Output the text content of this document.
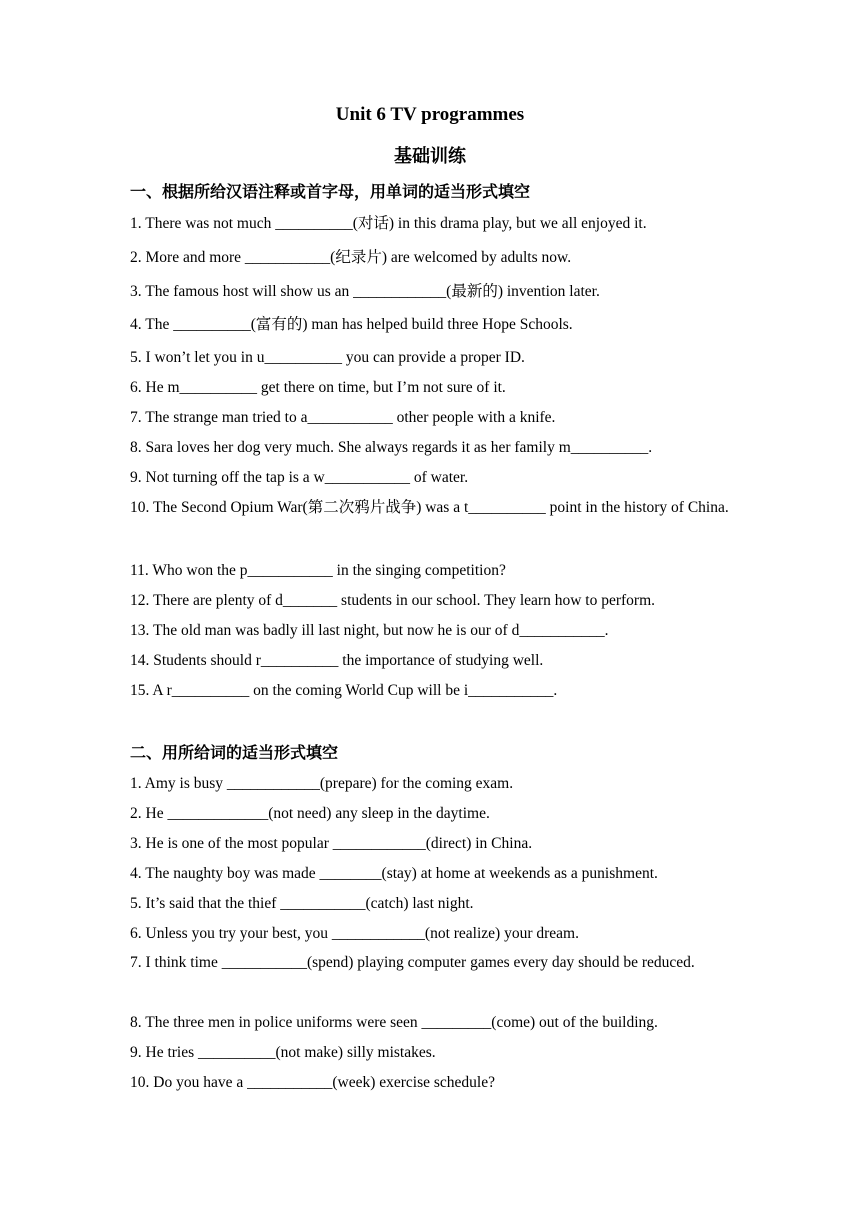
Unit 6 TV programmes
基础训练
一、根据所给汉语注释或首字母，用单词的适当形式填空
1. There was not much __________(对话) in this drama play, but we all enjoyed it.
2. More and more ___________(纪录片) are welcomed by adults now.
3. The famous host will show us an ____________(最新的) invention later.
4. The __________(富有的) man has helped build three Hope Schools.
5. I won’t let you in u__________ you can provide a proper ID.
6. He m__________ get there on time, but I’m not sure of it.
7. The strange man tried to a___________ other people with a knife.
8. Sara loves her dog very much. She always regards it as her family m__________.
9. Not turning off the tap is a w___________ of water.
10. The Second Opium War(第二次鸦片战争) was a t__________ point in the history of China.
11. Who won the p___________ in the singing competition?
12. There are plenty of d_______ students in our school. They learn how to perform.
13. The old man was badly ill last night, but now he is our of d___________.
14. Students should r__________ the importance of studying well.
15. A r__________ on the coming World Cup will be i___________.
二、用所给词的适当形式填空
1. Amy is busy ____________(prepare) for the coming exam.
2. He _____________(not need) any sleep in the daytime.
3. He is one of the most popular ____________(direct) in China.
4. The naughty boy was made ________(stay) at home at weekends as a punishment.
5. It’s said that the thief ___________(catch) last night.
6. Unless you try your best, you ____________(not realize) your dream.
7. I think time ___________(spend) playing computer games every day should be reduced.
8. The three men in police uniforms were seen _________(come) out of the building.
9. He tries __________(not make) silly mistakes.
10. Do you have a ___________(week) exercise schedule?
